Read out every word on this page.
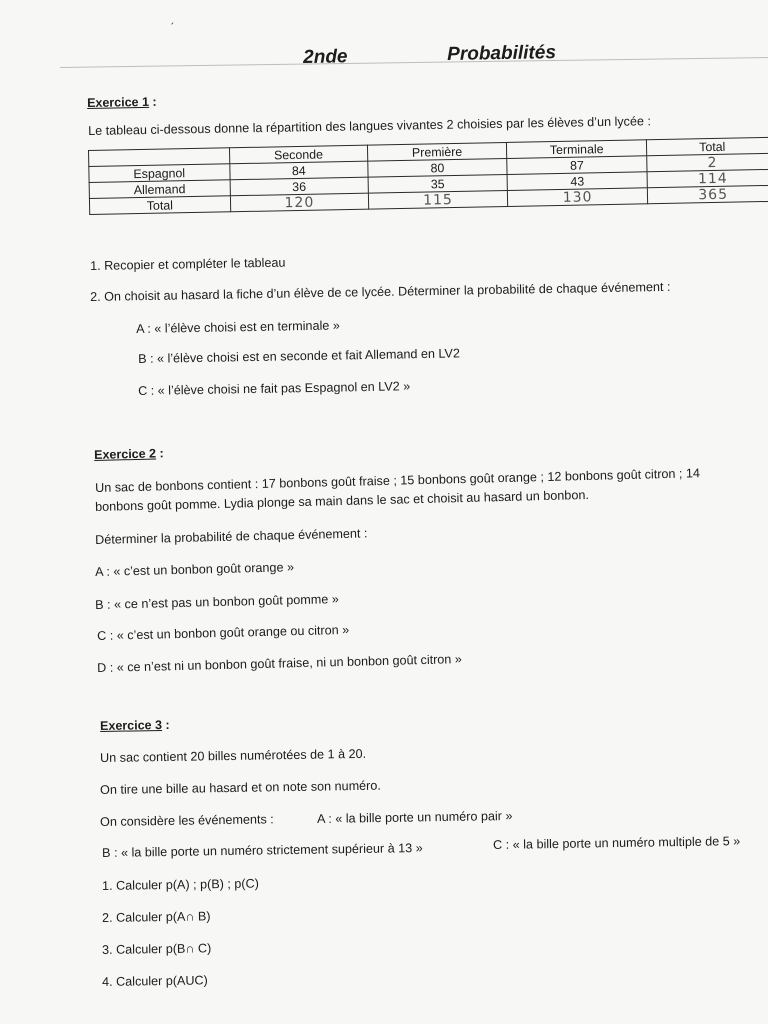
ˊ
2nde	Probabilités
Exercice 1 :
Le tableau ci-dessous donne la répartition des langues vivantes 2 choisies par les élèves d’un lycée :
	Seconde	Première	Terminale	Total
Espagnol	84	80	87	2
Allemand	36	35	43	114
Total	120	115	130	365
1. Recopier et compléter le tableau
2. On choisit au hasard la fiche d’un élève de ce lycée. Déterminer la probabilité de chaque événement :
A : « l’élève choisi est en terminale »
B : « l’élève choisi est en seconde et fait Allemand en LV2
C : « l’élève choisi ne fait pas Espagnol en LV2 »
Exercice 2 :
Un sac de bonbons contient : 17 bonbons goût fraise ; 15 bonbons goût orange ; 12 bonbons goût citron ; 14
bonbons goût pomme. Lydia plonge sa main dans le sac et choisit au hasard un bonbon.
Déterminer la probabilité de chaque événement :
A : « c’est un bonbon goût orange »
B : « ce n’est pas un bonbon goût pomme »
C : « c’est un bonbon goût orange ou citron »
D : « ce n’est ni un bonbon goût fraise, ni un bonbon goût citron »
Exercice 3 :
Un sac contient 20 billes numérotées de 1 à 20.
On tire une bille au hasard et on note son numéro.
On considère les événements :	A : « la bille porte un numéro pair »
B : « la bille porte un numéro strictement supérieur à 13 »	C : « la bille porte un numéro multiple de 5 »
1. Calculer p(A) ; p(B) ; p(C)
2. Calculer p(A∩ B)
3. Calculer p(B∩ C)
4. Calculer p(AUC)
